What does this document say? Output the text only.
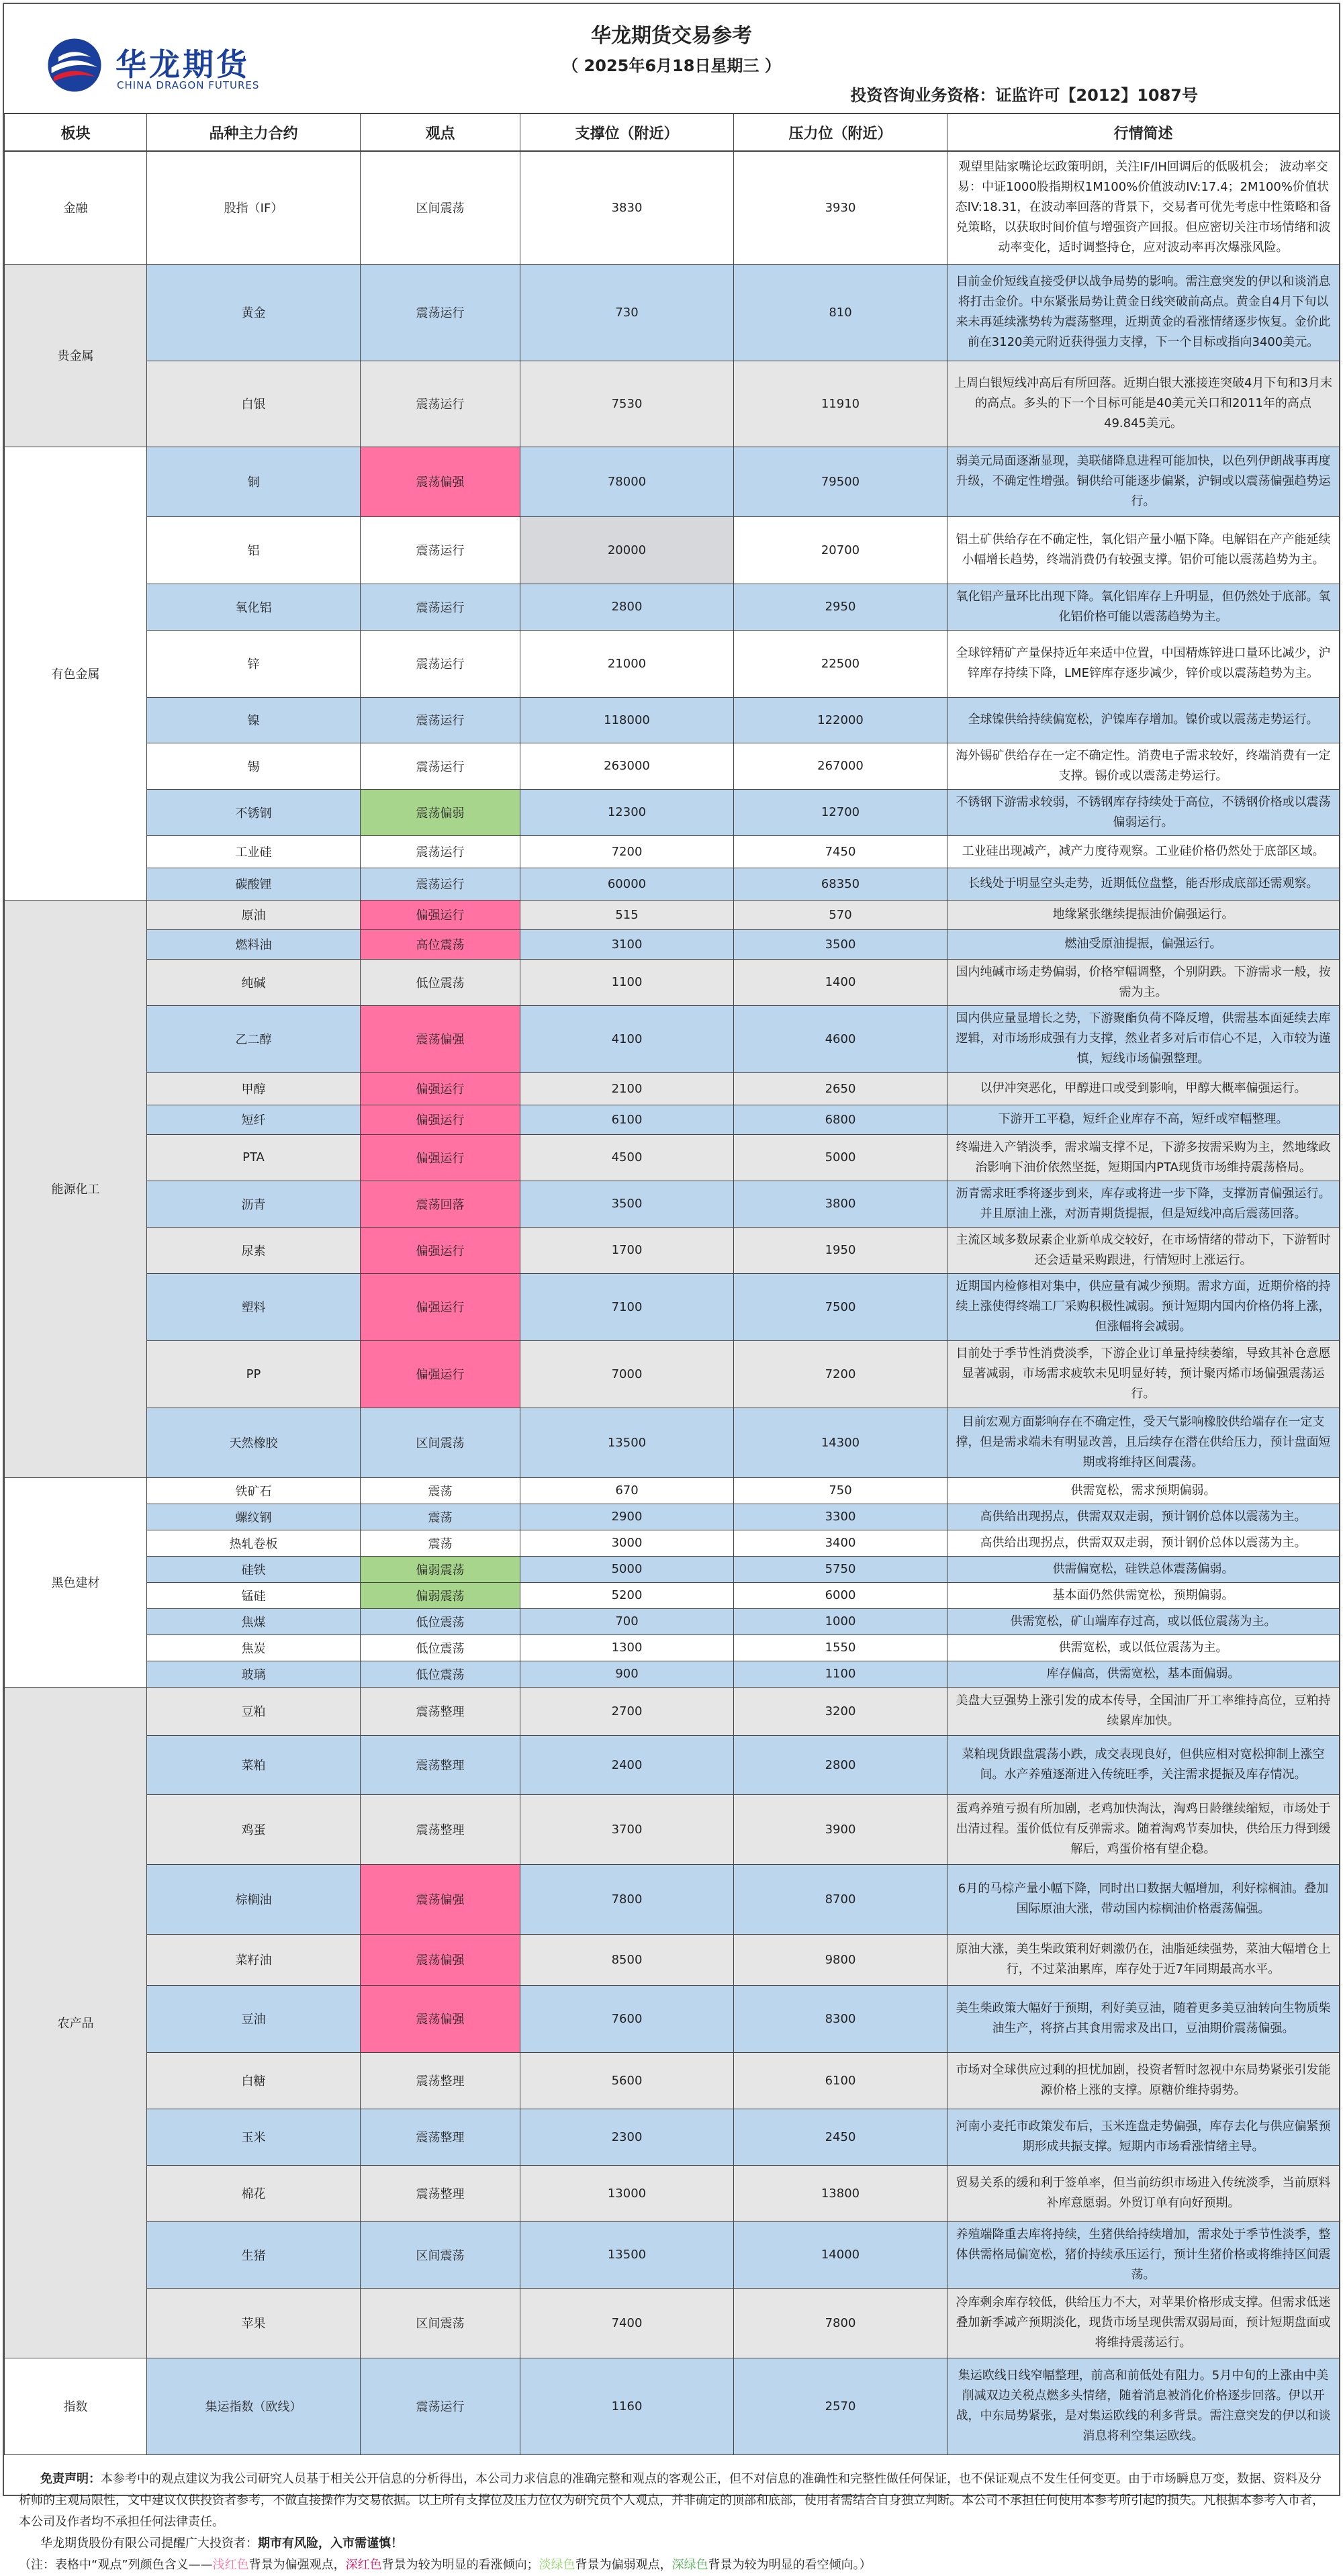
华龙期货
CHINA DRAGON FUTURES
华龙期货交易参考
（ 2025年6月18日星期三 ）
投资咨询业务资格：证监许可【2012】1087号
板块	品种主力合约	观点	支撑位（附近）	压力位（附近）	行情简述
金融	股指（IF）	区间震荡	3830	3930	观望里陆家嘴论坛政策明朗，关注IF/IH回调后的低吸机会； 波动率交易：中证1000股指期权1M100%价值波动IV:17.4；2M100%价值状态IV:18.31，在波动率回落的背景下，交易者可优先考虑中性策略和备兑策略，以获取时间价值与增强资产回报。但应密切关注市场情绪和波动率变化，适时调整持仓，应对波动率再次爆涨风险。
贵金属	黄金	震荡运行	730	810	目前金价短线直接受伊以战争局势的影响。需注意突发的伊以和谈消息将打击金价。中东紧张局势让黄金日线突破前高点。黄金自4月下旬以来未再延续涨势转为震荡整理，近期黄金的看涨情绪逐步恢复。金价此前在3120美元附近获得强力支撑，下一个目标或指向3400美元。
	白银	震荡运行	7530	11910	上周白银短线冲高后有所回落。近期白银大涨接连突破4月下旬和3月末的高点。多头的下一个目标可能是40美元关口和2011年的高点49.845美元。
有色金属	铜	震荡偏强	78000	79500	弱美元局面逐渐显现，美联储降息进程可能加快，以色列伊朗战事再度升级，不确定性增强。铜供给可能逐步偏紧，沪铜或以震荡偏强趋势运行。
	铝	震荡运行	20000	20700	铝土矿供给存在不确定性，氧化铝产量小幅下降。电解铝在产产能延续小幅增长趋势，终端消费仍有较强支撑。铝价可能以震荡趋势为主。
	氧化铝	震荡运行	2800	2950	氧化铝产量环比出现下降。氧化铝库存上升明显，但仍然处于底部。氧化铝价格可能以震荡趋势为主。
	锌	震荡运行	21000	22500	全球锌精矿产量保持近年来适中位置，中国精炼锌进口量环比减少，沪锌库存持续下降，LME锌库存逐步减少，锌价或以震荡趋势为主。
	镍	震荡运行	118000	122000	全球镍供给持续偏宽松，沪镍库存增加。镍价或以震荡走势运行。
	锡	震荡运行	263000	267000	海外锡矿供给存在一定不确定性。消费电子需求较好，终端消费有一定支撑。锡价或以震荡走势运行。
	不锈钢	震荡偏弱	12300	12700	不锈钢下游需求较弱，不锈钢库存持续处于高位，不锈钢价格或以震荡偏弱运行。
	工业硅	震荡运行	7200	7450	工业硅出现减产，减产力度待观察。工业硅价格仍然处于底部区域。
	碳酸锂	震荡运行	60000	68350	长线处于明显空头走势，近期低位盘整，能否形成底部还需观察。
能源化工	原油	偏强运行	515	570	地缘紧张继续提振油价偏强运行。
	燃料油	高位震荡	3100	3500	燃油受原油提振，偏强运行。
	纯碱	低位震荡	1100	1400	国内纯碱市场走势偏弱，价格窄幅调整，个别阴跌。下游需求一般，按需为主。
	乙二醇	震荡偏强	4100	4600	国内供应量显增长之势，下游聚酯负荷不降反增，供需基本面延续去库逻辑，对市场形成强有力支撑，然业者多对后市信心不足，入市较为谨慎，短线市场偏强整理。
	甲醇	偏强运行	2100	2650	以伊冲突恶化，甲醇进口或受到影响，甲醇大概率偏强运行。
	短纤	偏强运行	6100	6800	下游开工平稳，短纤企业库存不高，短纤或窄幅整理。
	PTA	偏强运行	4500	5000	终端进入产销淡季，需求端支撑不足，下游多按需采购为主，然地缘政治影响下油价依然坚挺，短期国内PTA现货市场维持震荡格局。
	沥青	震荡回落	3500	3800	沥青需求旺季将逐步到来，库存或将进一步下降，支撑沥青偏强运行。并且原油上涨，对沥青期货提振，但是短线冲高后震荡回落。
	尿素	偏强运行	1700	1950	主流区域多数尿素企业新单成交较好，在市场情绪的带动下，下游暂时还会适量采购跟进，行情短时上涨运行。
	塑料	偏强运行	7100	7500	近期国内检修相对集中，供应量有减少预期。需求方面，近期价格的持续上涨使得终端工厂采购积极性减弱。预计短期内国内价格仍将上涨，但涨幅将会减弱。
	PP	偏强运行	7000	7200	目前处于季节性消费淡季，下游企业订单量持续萎缩，导致其补仓意愿显著减弱，市场需求疲软未见明显好转，预计聚丙烯市场偏强震荡运行。
	天然橡胶	区间震荡	13500	14300	目前宏观方面影响存在不确定性，受天气影响橡胶供给端存在一定支撑，但是需求端未有明显改善，且后续存在潜在供给压力，预计盘面短期或将维持区间震荡。
黑色建材	铁矿石	震荡	670	750	供需宽松，需求预期偏弱。
	螺纹钢	震荡	2900	3300	高供给出现拐点，供需双双走弱，预计钢价总体以震荡为主。
	热轧卷板	震荡	3000	3400	高供给出现拐点，供需双双走弱，预计钢价总体以震荡为主。
	硅铁	偏弱震荡	5000	5750	供需偏宽松，硅铁总体震荡偏弱。
	锰硅	偏弱震荡	5200	6000	基本面仍然供需宽松，预期偏弱。
	焦煤	低位震荡	700	1000	供需宽松，矿山端库存过高，或以低位震荡为主。
	焦炭	低位震荡	1300	1550	供需宽松，或以低位震荡为主。
	玻璃	低位震荡	900	1100	库存偏高，供需宽松，基本面偏弱。
农产品	豆粕	震荡整理	2700	3200	美盘大豆强势上涨引发的成本传导，全国油厂开工率维持高位，豆粕持续累库加快。
	菜粕	震荡整理	2400	2800	菜粕现货跟盘震荡小跌，成交表现良好，但供应相对宽松抑制上涨空间。水产养殖逐渐进入传统旺季，关注需求提振及库存情况。
	鸡蛋	震荡整理	3700	3900	蛋鸡养殖亏损有所加剧，老鸡加快淘汰，淘鸡日龄继续缩短，市场处于出清过程。蛋价低位有反弹需求。随着淘鸡节奏加快，供给压力得到缓解后，鸡蛋价格有望企稳。
	棕榈油	震荡偏强	7800	8700	6月的马棕产量小幅下降，同时出口数据大幅增加，利好棕榈油。叠加国际原油大涨，带动国内棕榈油价格震荡偏强。
	菜籽油	震荡偏强	8500	9800	原油大涨，美生柴政策利好刺激仍在，油脂延续强势，菜油大幅增仓上行，不过菜油累库，库存处于近7年同期最高水平。
	豆油	震荡偏强	7600	8300	美生柴政策大幅好于预期，利好美豆油，随着更多美豆油转向生物质柴油生产，将挤占其食用需求及出口，豆油期价震荡偏强。
	白糖	震荡整理	5600	6100	市场对全球供应过剩的担忧加剧，投资者暂时忽视中东局势紧张引发能源价格上涨的支撑。原糖价维持弱势。
	玉米	震荡整理	2300	2450	河南小麦托市政策发布后，玉米连盘走势偏强，库存去化与供应偏紧预期形成共振支撑。短期内市场看涨情绪主导。
	棉花	震荡整理	13000	13800	贸易关系的缓和利于签单率，但当前纺织市场进入传统淡季，当前原料补库意愿弱。外贸订单有向好预期。
	生猪	区间震荡	13500	14000	养殖端降重去库将持续，生猪供给持续增加，需求处于季节性淡季，整体供需格局偏宽松，猪价持续承压运行，预计生猪价格或将维持区间震荡。
	苹果	区间震荡	7400	7800	冷库剩余库存较低，供给压力不大，对苹果价格形成支撑。但需求低迷叠加新季减产预期淡化，现货市场呈现供需双弱局面，预计短期盘面或将维持震荡运行。
指数	集运指数（欧线）	震荡运行	1160	2570	集运欧线日线窄幅整理，前高和前低处有阻力。5月中旬的上涨由中美削减双边关税点燃多头情绪，随着消息被消化价格逐步回落。伊以开战，中东局势紧张，是对集运欧线的利多背景。需注意突发的伊以和谈消息将利空集运欧线。
免责声明：本参考中的观点建议为我公司研究人员基于相关公开信息的分析得出，本公司力求信息的准确完整和观点的客观公正，但不对信息的准确性和完整性做任何保证，也不保证观点不发生任何变更。由于市场瞬息万变，数据、资料及分析师的主观局限性，文中建议仅供投资者参考，不做直接操作为交易依据。以上所有支撑位及压力位仅为研究员个人观点，并非确定的顶部和底部，使用者需结合自身独立判断。本公司不承担任何使用本参考所引起的损失。凡根据本参考入市者，本公司及作者均不承担任何法律责任。
华龙期货股份有限公司提醒广大投资者：期市有风险，入市需谨慎！
（注：表格中“观点”列颜色含义——浅红色背景为偏强观点，深红色背景为较为明显的看涨倾向；淡绿色背景为偏弱观点，深绿色背景为较为明显的看空倾向。）
